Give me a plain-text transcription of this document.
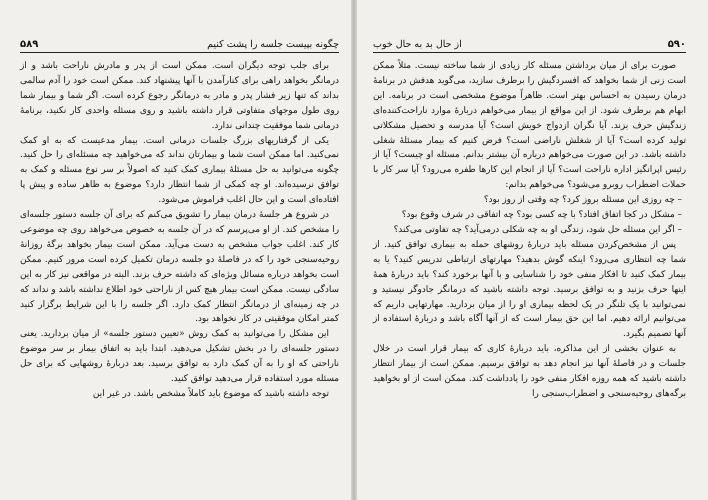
چگونه بپیست جلسه را پشت کنیم
۵۸۹

برای جلب توجه دیگران است. ممکن است از پدر و مادرش ناراحت باشد و از درمانگر بخواهد راهی برای کنارآمدن با آنها پیشنهاد کند. ممکن است خود را آدم سالمی بداند که تنها زیر فشار پدر و مادر به درمانگر رجوع کرده است. اگر شما و بیمار شما روی طول موجهای متفاوتی قرار داشته باشید و روی مسئله واحدی کار نکنید، برنامهٔ درمانی شما موفقیت چندانی ندارد.

یکی از گرفتاریهای بزرگ جلسات درمانی است. بیمار مدعیست که به او کمک نمی‌کنید. اما ممکن است شما و بیمارتان نداند که می‌خواهید چه مسئله‌ای را حل کنید. چگونه می‌توانید به حل مسئلهٔ بیماری کمک کنید که اصولاً بر سر نوع مسئله و کمک به توافق نرسیده‌اند. او چه کمکی از شما انتظار دارد؟ موضوع به ظاهر ساده و پیش پا افتاده‌ای است و این حال اغلب فراموش می‌شود.

در شروع هر جلسهٔ درمان بیمار را تشویق می‌کنم که برای آن جلسه دستور جلسه‌ای را مشخص کند. از او می‌پرسم که در آن جلسه به خصوص می‌خواهد روی چه موضوعی کار کند. اغلب جواب مشخص به دست می‌آید. ممکن است بیمار بخواهد برگهٔ روزانهٔ روحیه‌سنجی خود را که در فاصلهٔ دو جلسه درمان تکمیل کرده است مرور کنیم. ممکن است بخواهد درباره مسائل ویژه‌ای که داشته حرف بزند. البته در مواقعی نیز کار به این سادگی نیست. ممکن است بیمار هیچ کس از ناراحتی خود اطلاع نداشته باشد و نداند که در چه زمینه‌ای از درمانگر انتظار کمک دارد. اگر جلسه را با این شرایط برگزار کنید کمتر امکان موفقیتی در کار نخواهد بود.

این مشکل را می‌توانید به کمک روش «تعیین دستور جلسه» از میان بردارید. یعنی دستور جلسه‌ای را در بخش تشکیل می‌دهید. ابتدا باید به اتفاق بیمار بر سر موضوع ناراحتی که او را به آن کمک دارد به توافق برسید. بعد دربارهٔ روشهایی که برای حل مسئله مورد استفاده قرار می‌دهید توافق کنید.

توجه داشته باشید که موضوع باید کاملاً مشخص باشد. در غیر این

۵۹۰
از حال بد به حال خوب

صورت برای از میان برداشتن مسئله کار زیادی از شما ساخته نیست. مثلاً ممکن است زنی از شما بخواهد که افسردگیش را برطرف سازید، می‌گوید هدفش در برنامهٔ درمان رسیدن به احساس بهتر است. ظاهراً موضوع مشخصی است در برنامه. این ابهام هم برطرف شود. از این مواقع از بیمار می‌خواهم دربارهٔ موارد ناراحت‌کننده‌ای زندگیش حرف بزند. آیا نگران ازدواج خویش است؟ آیا مدرسه و تحصیل مشکلاتی تولید کرده است؟ آیا از شغلش ناراضی است؟ فرض کنیم که بیمار مسئلهٔ شغلی داشته باشد. در این صورت می‌خواهم درباره آن بیشتر بدانم. مسئله او چیست؟ آیا از رئیس اپرانگیز اداره ناراحت است؟ آیا از انجام این کارها طفره می‌رود؟ آیا سر کار با حملات اضطراب روبرو می‌شود؟ می‌خواهم بدانم:

– چه روزی این مسئله بروز کرد؟ چه وقتی از روز بود؟

– مشکل در کجا اتفاق افتاد؟ با چه کسی بود؟ چه اتفاقی در شرف وقوع بود؟

– اگر این مسئله حل شود، زندگی او به چه شکلی درمی‌آید؟ چه تفاوتی می‌کند؟

پس از مشخص‌کردن مسئله باید دربارهٔ روشهای حمله به بیماری توافق کنید. از شما چه انتظاری می‌رود؟ اینکه گوش بدهید؟ مهارتهای ارتباطی تدریس کنید؟ یا به بیمار کمک کنید تا افکار منفی خود را شناسایی و با آنها برخورد کند؟ باید دربارهٔ همهٔ اینها حرف بزنید و به توافق برسید. توجه داشته باشید که درمانگر جادوگر نیستید و نمی‌توانید با یک تلنگر در یک لحظه بیماری او را از میان بردارید. مهارتهایی داریم که می‌توانیم ارائه دهیم. اما این حق بیمار است که از آنها آگاه باشد و دربارهٔ استفاده از آنها تصمیم بگیرد.

به عنوان بخشی از این مذاکره، باید دربارهٔ کاری که بیمار قرار است در خلال جلسات و در فاصلهٔ آنها نیز انجام دهد به توافق برسیم. ممکن است از بیمار انتظار داشته باشید که همه روزه افکار منفی خود را یادداشت کند. ممکن است از او بخواهید برگه‌های روحیه‌سنجی و اضطراب‌سنجی را
